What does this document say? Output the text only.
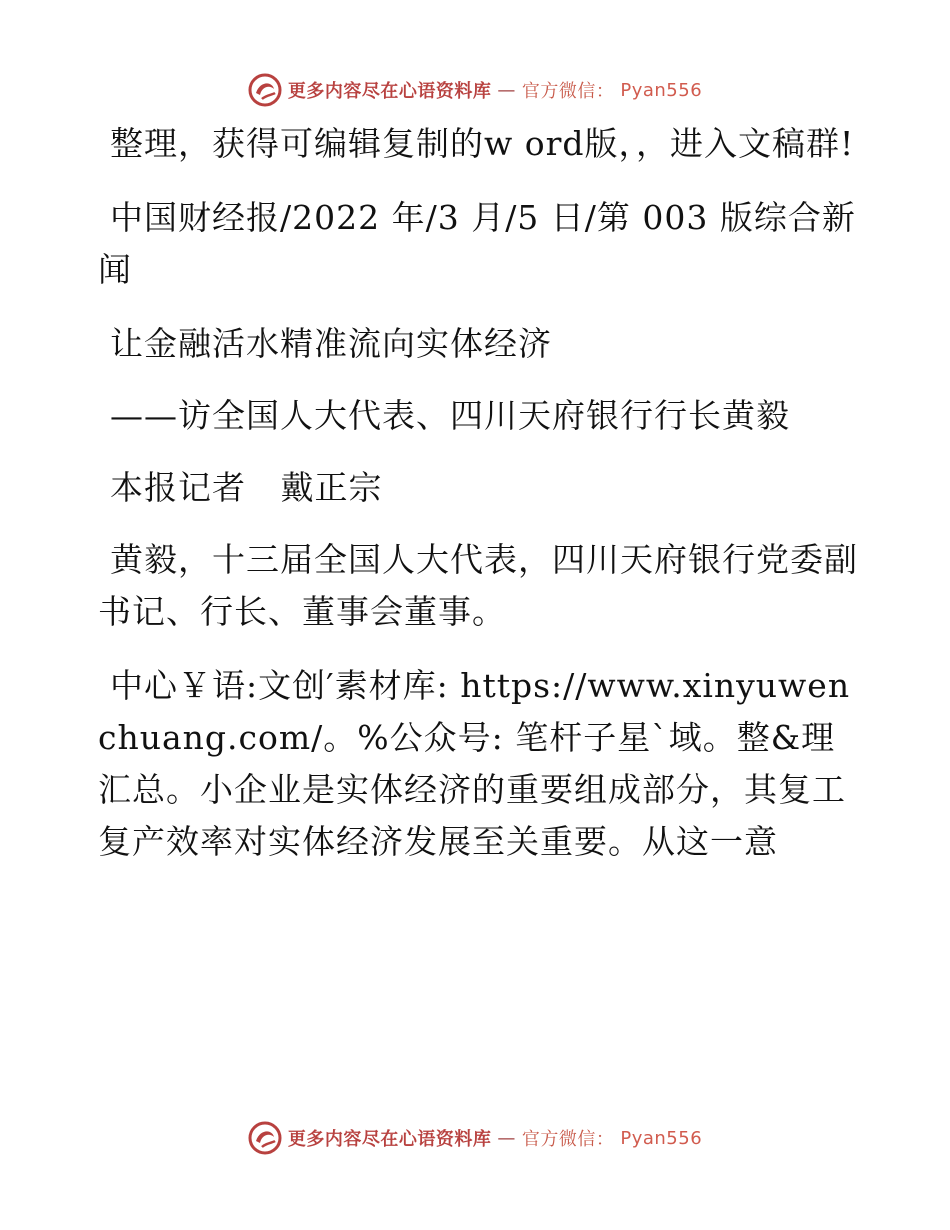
更多内容尽在心语资料库 — 官方微信： Pyan556

整理，获得可编辑复制的w ord版，，进入文稿群!

中国财经报/2022 年/3 月/5 日/第 003 版综合新闻

让金融活水精准流向实体经济

——访全国人大代表、四川天府银行行长黄毅

本报记者   戴正宗

黄毅，十三届全国人大代表，四川天府银行党委副书记、行长、董事会董事。

中心￥语:文创′素材库: https://www.xinyuwenchuang.com/。%公众号: 笔杆子星`域。整&理汇总。小企业是实体经济的重要组成部分，其复工复产效率对实体经济发展至关重要。从这一意

更多内容尽在心语资料库 — 官方微信： Pyan556
